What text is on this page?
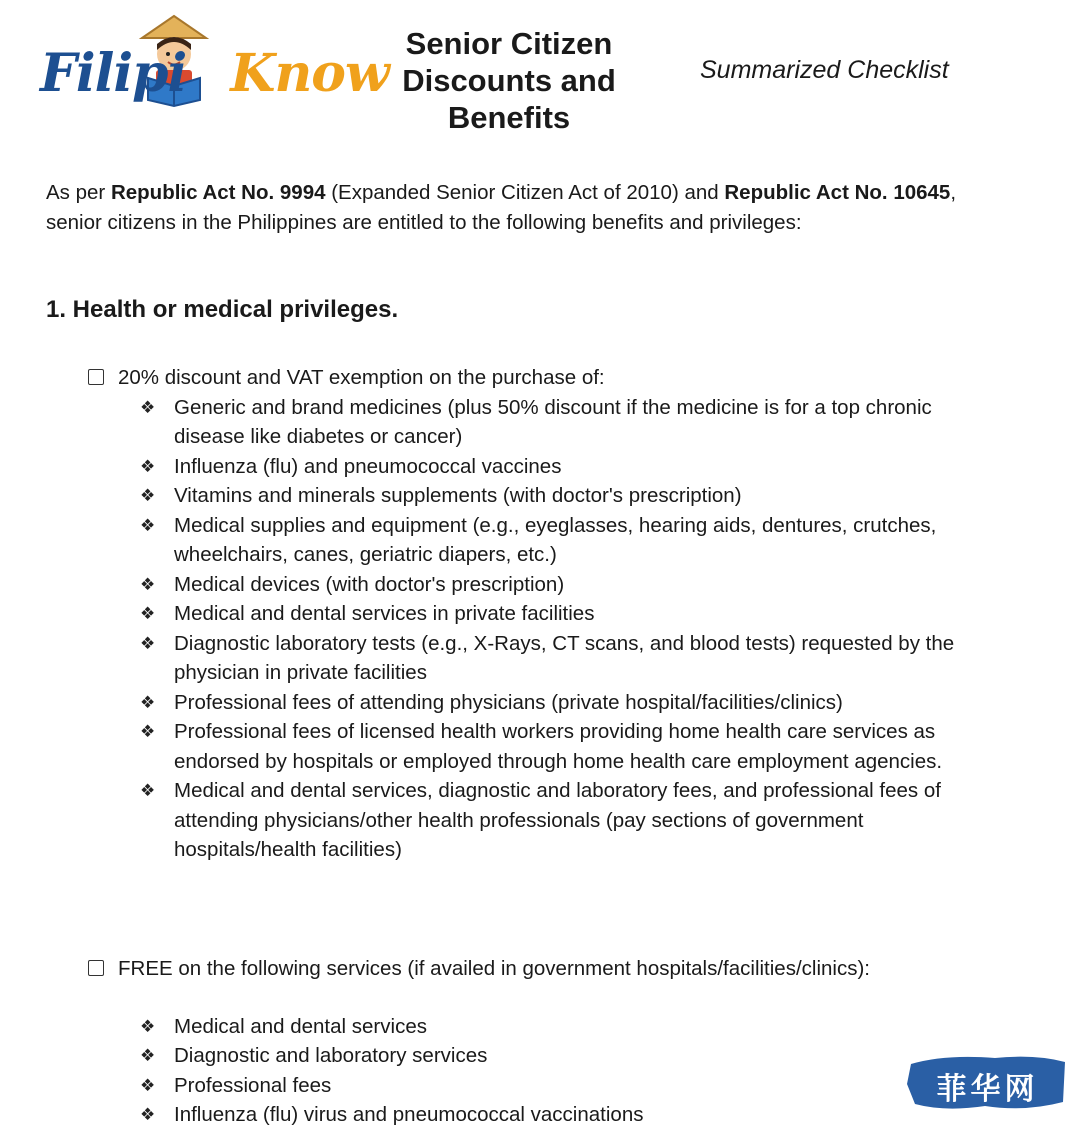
Filipi Know Senior Citizen Discounts and Benefits
Summarized Checklist

As per Republic Act No. 9994 (Expanded Senior Citizen Act of 2010) and Republic Act No. 10645, senior citizens in the Philippines are entitled to the following benefits and privileges:

1. Health or medical privileges.
20% discount and VAT exemption on the purchase of:
❖ Generic and brand medicines (plus 50% discount if the medicine is for a top chronic disease like diabetes or cancer)
❖ Influenza (flu) and pneumococcal vaccines
❖ Vitamins and minerals supplements (with doctor's prescription)
❖ Medical supplies and equipment (e.g., eyeglasses, hearing aids, dentures, crutches, wheelchairs, canes, geriatric diapers, etc.)
❖ Medical devices (with doctor's prescription)
❖ Medical and dental services in private facilities
❖ Diagnostic laboratory tests (e.g., X-Rays, CT scans, and blood tests) requested by the physician in private facilities
❖ Professional fees of attending physicians (private hospital/facilities/clinics)
❖ Professional fees of licensed health workers providing home health care services as endorsed by hospitals or employed through home health care employment agencies.
❖ Medical and dental services, diagnostic and laboratory fees, and professional fees of attending physicians/other health professionals (pay sections of government hospitals/health facilities)
FREE on the following services (if availed in government hospitals/facilities/clinics):
❖ Medical and dental services
❖ Diagnostic and laboratory services
❖ Professional fees
❖ Influenza (flu) virus and pneumococcal vaccinations
菲华网
